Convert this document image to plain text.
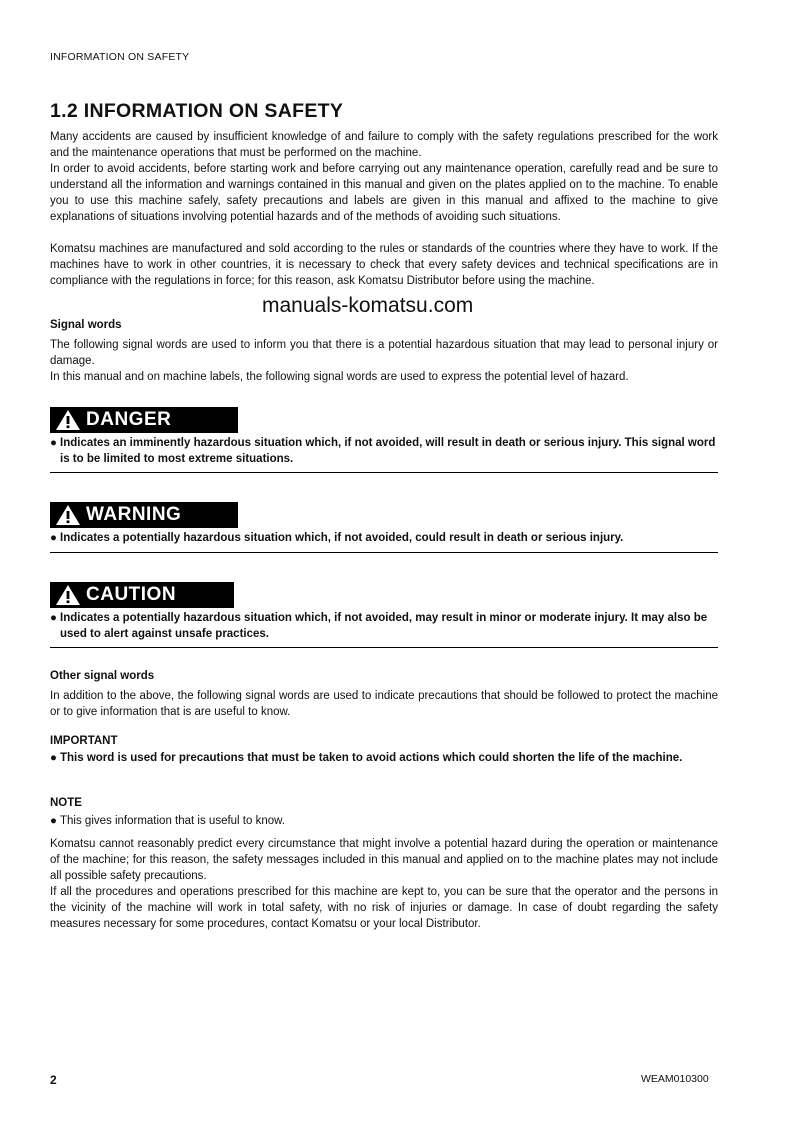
INFORMATION ON SAFETY
1.2 INFORMATION ON SAFETY

Many accidents are caused by insufficient knowledge of and failure to comply with the safety regulations prescribed for the work and the maintenance operations that must be performed on the machine.

In order to avoid accidents, before starting work and before carrying out any maintenance operation, carefully read and be sure to understand all the information and warnings contained in this manual and given on the plates applied on to the machine. To enable you to use this machine safely, safety precautions and labels are given in this manual and affixed to the machine to give explanations of situations involving potential hazards and of the methods of avoiding such situations.

Komatsu machines are manufactured and sold according to the rules or standards of the countries where they have to work. If the machines have to work in other countries, it is necessary to check that every safety devices and technical specifications are in compliance with the regulations in force; for this reason, ask Komatsu Distributor before using the machine.

manuals-komatsu.com
Signal words

The following signal words are used to inform you that there is a potential hazardous situation that may lead to personal injury or damage.

In this manual and on machine labels, the following signal words are used to express the potential level of hazard.

DANGER
● Indicates an imminently hazardous situation which, if not avoided, will result in death or serious injury. This signal word is to be limited to most extreme situations.
WARNING
● Indicates a potentially hazardous situation which, if not avoided, could result in death or serious injury.
CAUTION
● Indicates a potentially hazardous situation which, if not avoided, may result in minor or moderate injury. It may also be used to alert against unsafe practices.
Other signal words

In addition to the above, the following signal words are used to indicate precautions that should be followed to protect the machine or to give information that is are useful to know.

IMPORTANT
● This word is used for precautions that must be taken to avoid actions which could shorten the life of the machine.
NOTE
● This gives information that is useful to know.

Komatsu cannot reasonably predict every circumstance that might involve a potential hazard during the operation or maintenance of the machine; for this reason, the safety messages included in this manual and applied on to the machine plates may not include all possible safety precautions.

If all the procedures and operations prescribed for this machine are kept to, you can be sure that the operator and the persons in the vicinity of the machine will work in total safety, with no risk of injuries or damage. In case of doubt regarding the safety measures necessary for some procedures, contact Komatsu or your local Distributor.

2	WEAM010300
